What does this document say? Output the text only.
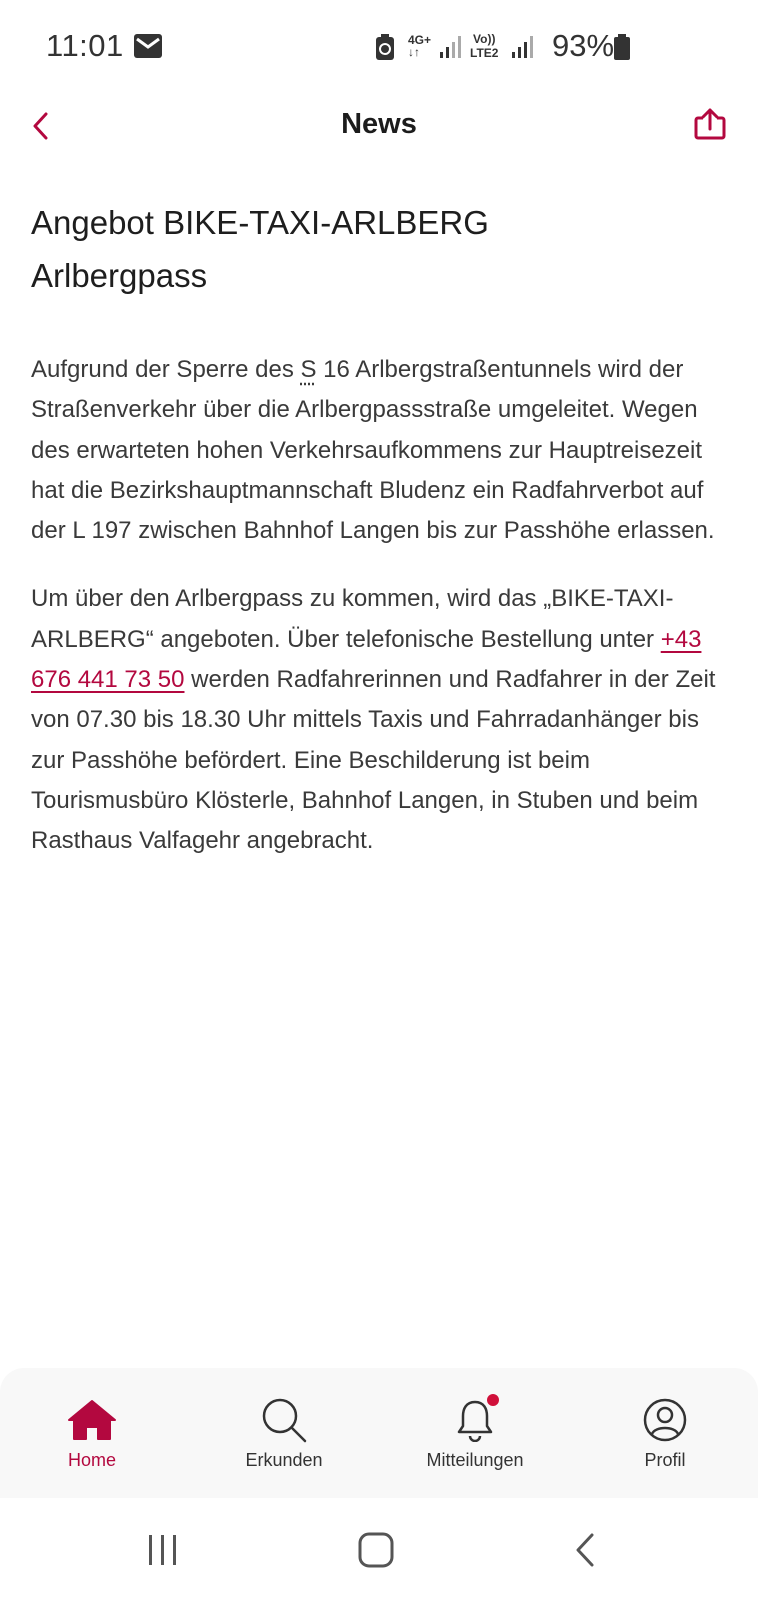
11:01	4G+
↓↑
Vo))
LTE2 93%
News
Angebot BIKE-TAXI-ARLBERG
Arlbergpass

Aufgrund der Sperre des S 16 Arlbergstraßentunnels wird der Straßenverkehr über die Arlbergpassstraße umgeleitet. Wegen des erwarteten hohen Verkehrsaufkommens zur Hauptreisezeit hat die Bezirkshauptmannschaft Bludenz ein Radfahrverbot auf der L 197 zwischen Bahnhof Langen bis zur Passhöhe erlassen.

Um über den Arlbergpass zu kommen, wird das „BIKE-TAXI-ARLBERG“ angeboten. Über telefonische Bestellung unter +43 676 441 73 50 werden Radfahrerinnen und Radfahrer in der Zeit von 07.30 bis 18.30 Uhr mittels Taxis und Fahrradanhänger bis zur Passhöhe befördert. Eine Beschilderung ist beim Tourismusbüro Klösterle, Bahnhof Langen, in Stuben und beim Rasthaus Valfagehr angebracht.

Home	Erkunden	Mitteilungen	Profil
